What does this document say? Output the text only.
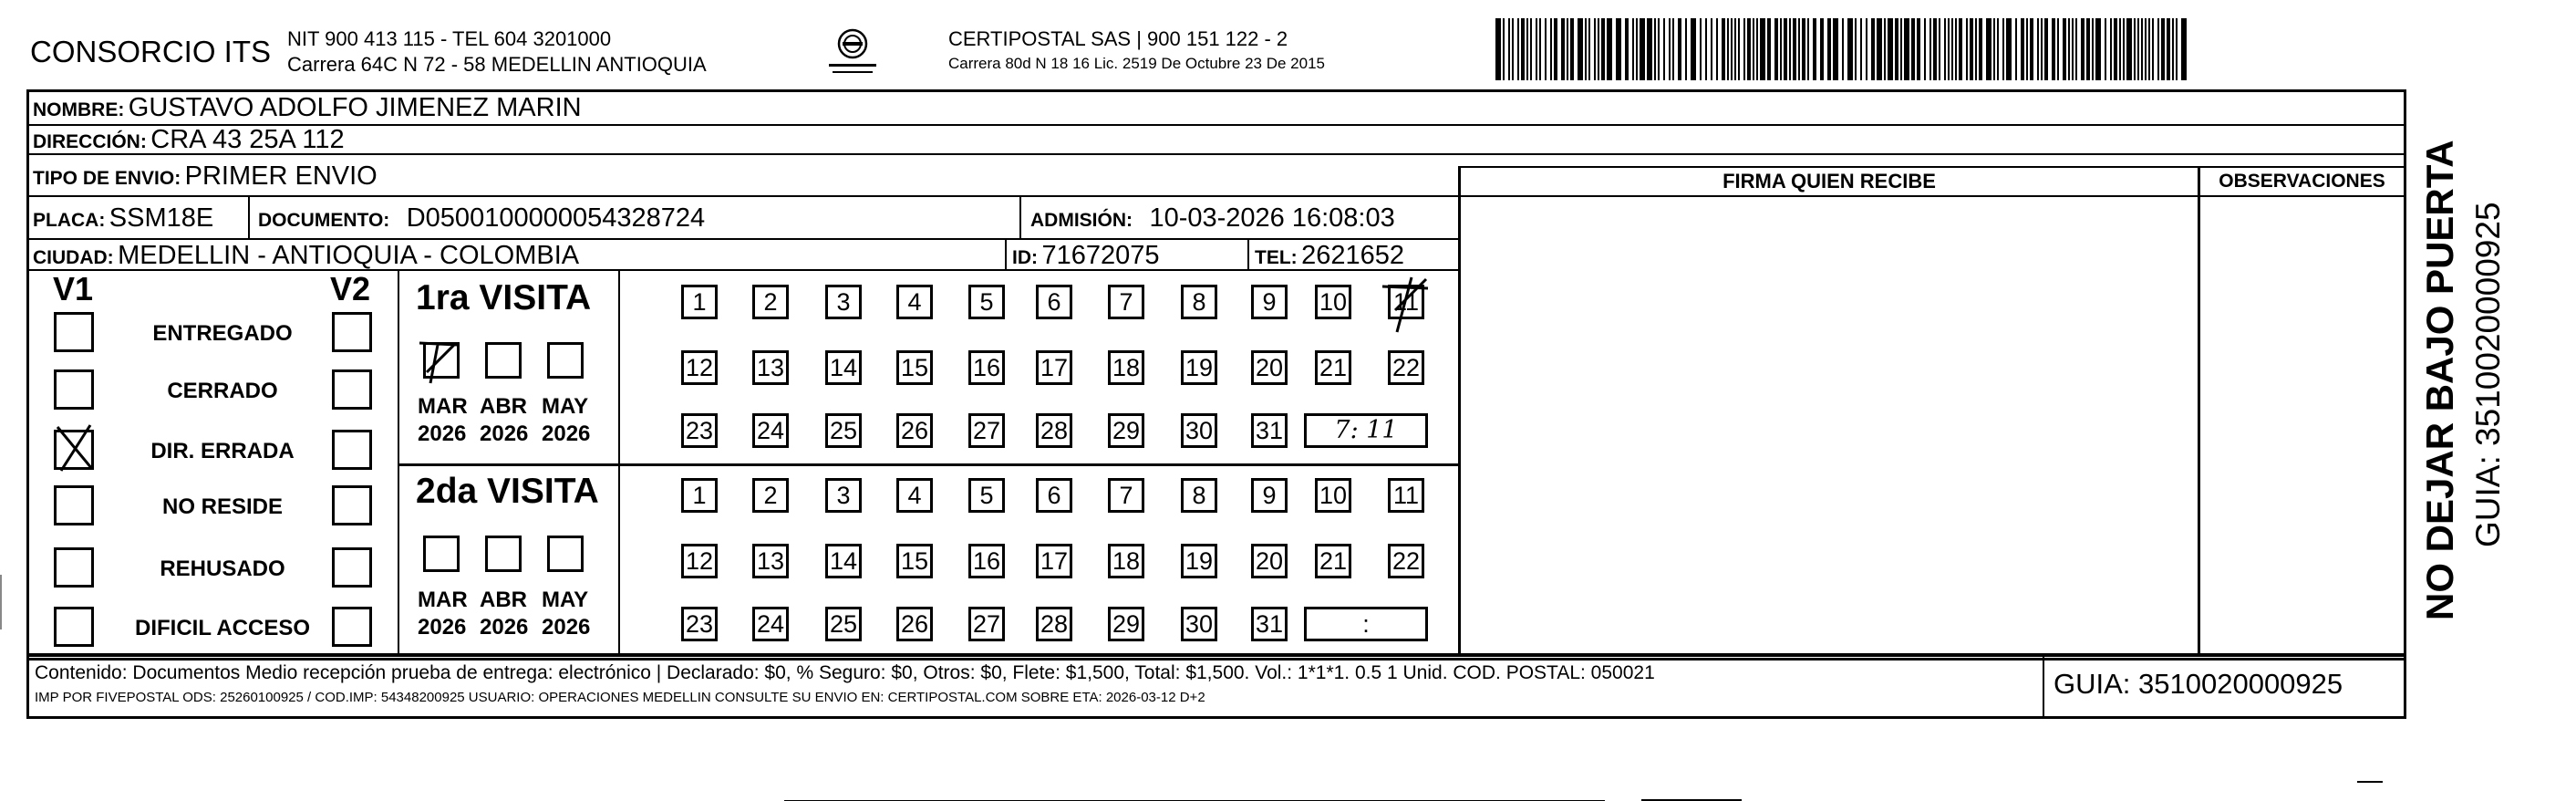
CONSORCIO ITS NIT 900 413 115 - TEL 604 3201000
Carrera 64C N 72 - 58 MEDELLIN ANTIOQUIA
CERTIPOSTAL SAS | 900 151 122 - 2
Carrera 80d N 18 16 Lic. 2519 De Octubre 23 De 2015
NOMBRE: GUSTAVO ADOLFO JIMENEZ MARIN
DIRECCIÓN: CRA 43 25A 112
TIPO DE ENVIO: PRIMER ENVIO
PLACA: SSM18E DOCUMENTO: D0500100000054328724	ADMISIÓN: 10-03-2026 16:08:03
CIUDAD: MEDELLIN - ANTIOQUIA - COLOMBIA	ID: 71672075	TEL: 2621652
FIRMA QUIEN RECIBE	OBSERVACIONES
V1	V2
ENTREGADO
CERRADO
DIR. ERRADA
NO RESIDE
REHUSADO
DIFICIL ACCESO
1ra VISITA
MAR
2026
ABR
2026
MAY
2026
1	2	3	4	5	6	7	8	9	10 11
12 13 14 15 16 17 18 19 20 21 22
23 24 25 26 27 28 29 30 31	7: 11
2da VISITA
MAR
2026
ABR
2026
MAY
2026
1	2	3	4	5	6	7	8	9	10 11
12 13 14 15 16 17 18 19 20 21 22
23 24 25 26 27 28 29 30 31	:
Contenido: Documentos Medio recepción prueba de entrega: electrónico | Declarado: $0, % Seguro: $0, Otros: $0, Flete: $1,500, Total: $1,500. Vol.: 1*1*1. 0.5 1 Unid. COD. POSTAL: 050021
IMP POR FIVEPOSTAL ODS: 25260100925 / COD.IMP: 54348200925 USUARIO: OPERACIONES MEDELLIN CONSULTE SU ENVIO EN: CERTIPOSTAL.COM SOBRE ETA: 2026-03-12 D+2	GUIA: 3510020000925
NO DEJAR BAJO PUERTA GUIA: 3510020000925
